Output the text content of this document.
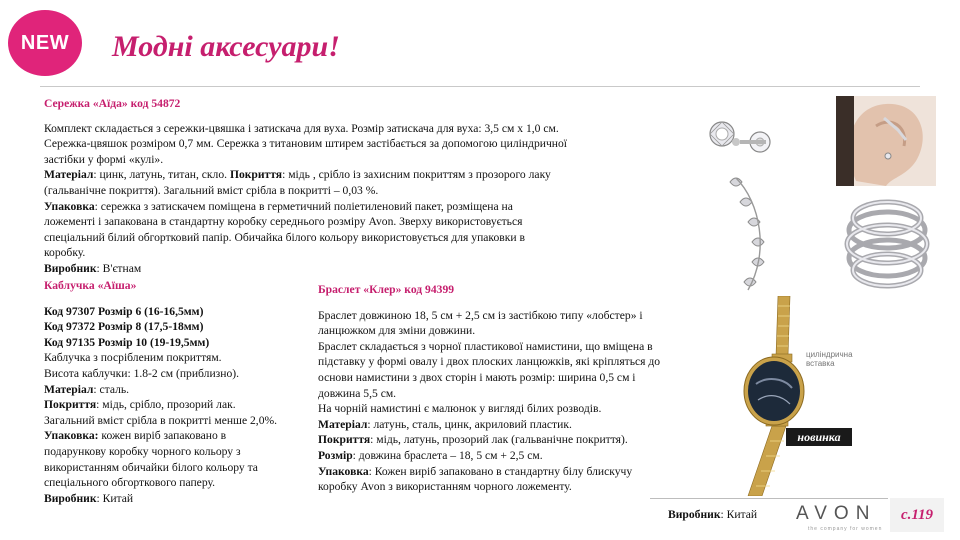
NEW Модні аксесуари!

Сережка «Аїда» код 54872

Комплект складається з сережки-цвяшка і затискача для вуха. Розмір затискача для вуха: 3,5 см х 1,0 см.

Сережка-цвяшок розміром 0,7 мм. Сережка з титановим штирем застібається за допомогою циліндричної

застібки у формі «кулі».

Матеріал: цинк, латунь, титан, скло. Покриття: мідь , срібло із захисним покриттям з прозорого лаку

(гальванічне покриття). Загальний вміст срібла в покритті – 0,03 %.

Упаковка: сережка з затискачем поміщена в герметичний поліетиленовий пакет, розміщена на

ложементі і запакована в стандартну коробку середнього розміру Avon. Зверху використовується

спеціальний білий обгортковий папір. Обичайка білого кольору використовується для упаковки в

коробку.

Виробник: В'єтнам

Каблучка «Аїша»

Код 97307 Розмір 6 (16-16,5мм)

Код 97372 Розмір 8 (17,5-18мм)

Код 97135 Розмір 10 (19-19,5мм)

Каблучка з посрібленим покриттям.

Висота каблучки: 1.8-2 см (приблизно).

Матеріал: сталь.

Покриття: мідь, срібло, прозорий лак.

Загальний вміст срібла в покритті менше 2,0%.

Упаковка: кожен виріб запаковано в

подарункову коробку чорного кольору з

використанням обичайки білого кольору та

спеціального обгорткового паперу.

Виробник: Китай

Браслет «Клер» код 94399

Браслет довжиною 18, 5 см + 2,5 см із застібкою типу «лобстер» і

ланцюжком для зміни довжини.

Браслет складається з чорної пластикової намистини, що вміщена в

підставку у формі овалу і двох плоских ланцюжків, які кріпляться до

основи намистини з двох сторін і мають розмір: ширина 0,5 см і

довжина 5,5 см.

На чорній намистині є малюнок у вигляді білих розводів.

Матеріал: латунь, сталь, цинк, акриловий пластик.

Покриття: мідь, латунь, прозорий лак (гальванічне покриття).

Розмір: довжина браслета – 18, 5 см + 2,5 см.

Упаковка: Кожен виріб запаковано в стандартну білу блискучу

коробку Avon з використанням чорного ложементу.

циліндрична вставка
новинка
Виробник: Китай AVON
the company for women
с.119
